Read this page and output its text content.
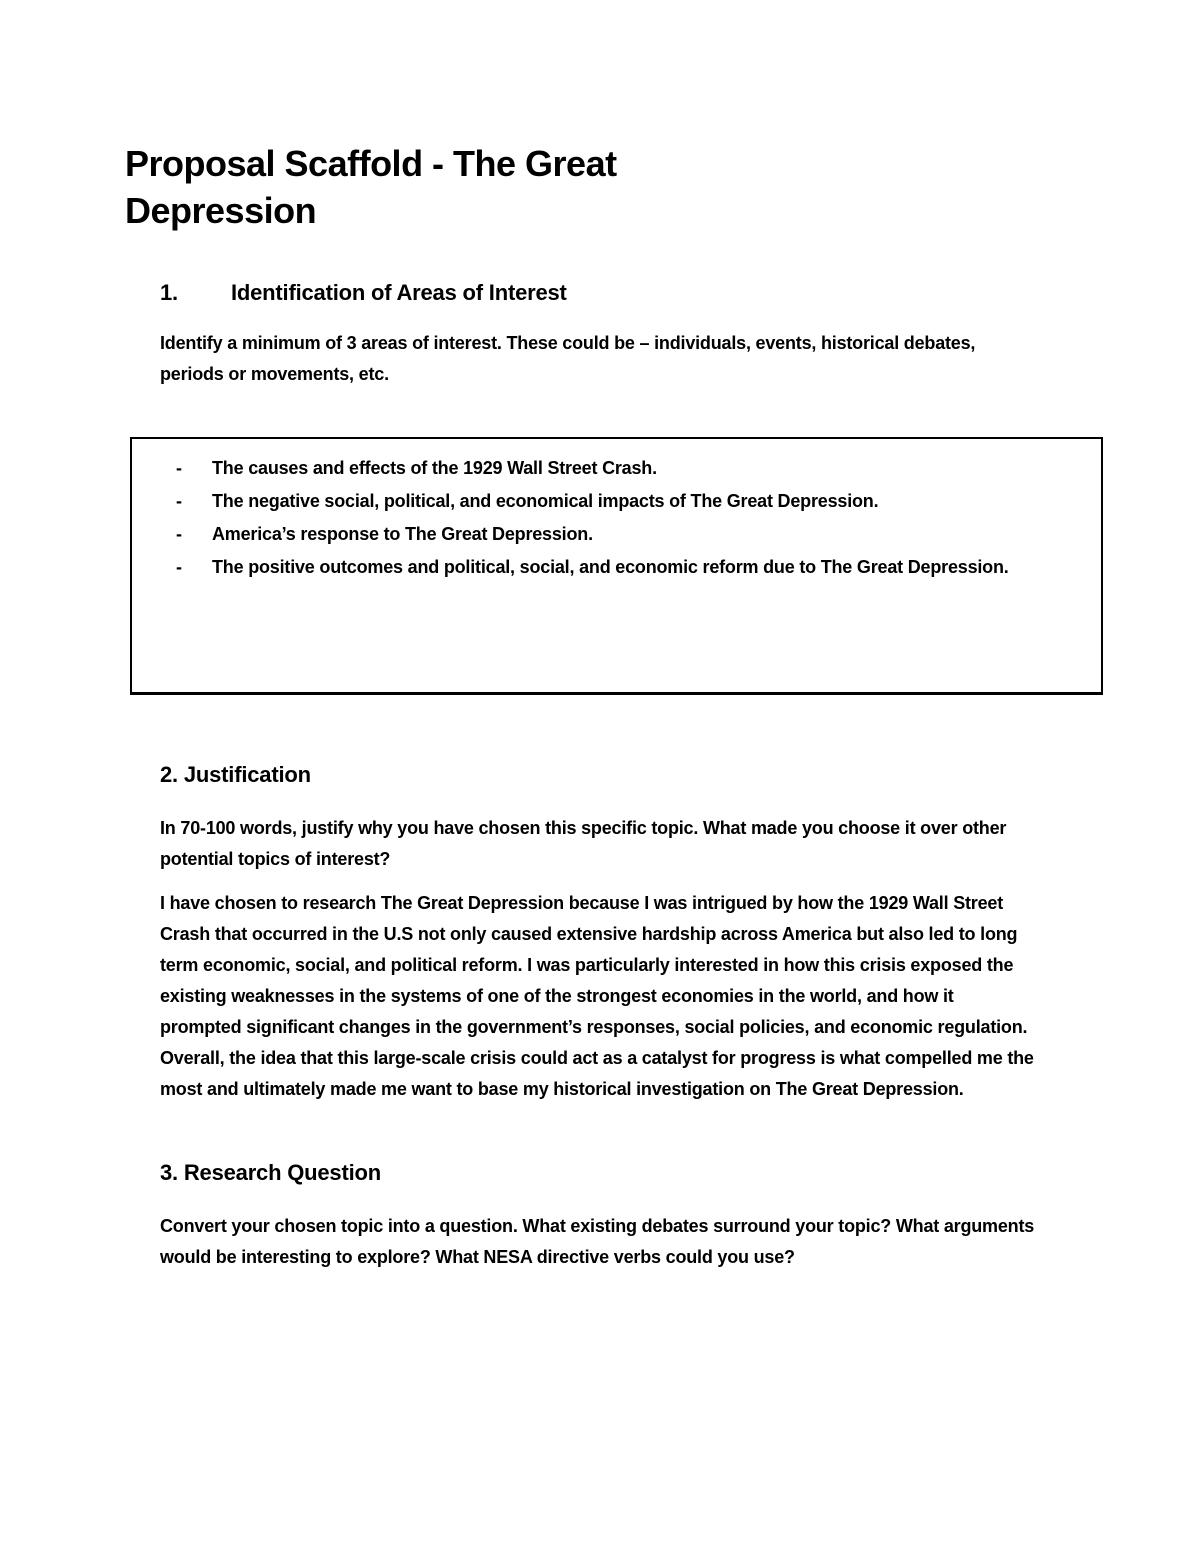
Proposal Scaffold - The Great Depression
1. Identification of Areas of Interest
Identify a minimum of 3 areas of interest. These could be – individuals, events, historical debates, periods or movements, etc.
-	The causes and effects of the 1929 Wall Street Crash.
-	The negative social, political, and economical impacts of The Great Depression.
-	America’s response to The Great Depression.
-	The positive outcomes and political, social, and economic reform due to The Great Depression.
2. Justification
In 70-100 words, justify why you have chosen this specific topic. What made you choose it over other potential topics of interest?
I have chosen to research The Great Depression because I was intrigued by how the 1929 Wall Street Crash that occurred in the U.S not only caused extensive hardship across America but also led to long term economic, social, and political reform. I was particularly interested in how this crisis exposed the existing weaknesses in the systems of one of the strongest economies in the world, and how it prompted significant changes in the government’s responses, social policies, and economic regulation. Overall, the idea that this large-scale crisis could act as a catalyst for progress is what compelled me the most and ultimately made me want to base my historical investigation on The Great Depression.
3. Research Question
Convert your chosen topic into a question. What existing debates surround your topic? What arguments would be interesting to explore? What NESA directive verbs could you use?
